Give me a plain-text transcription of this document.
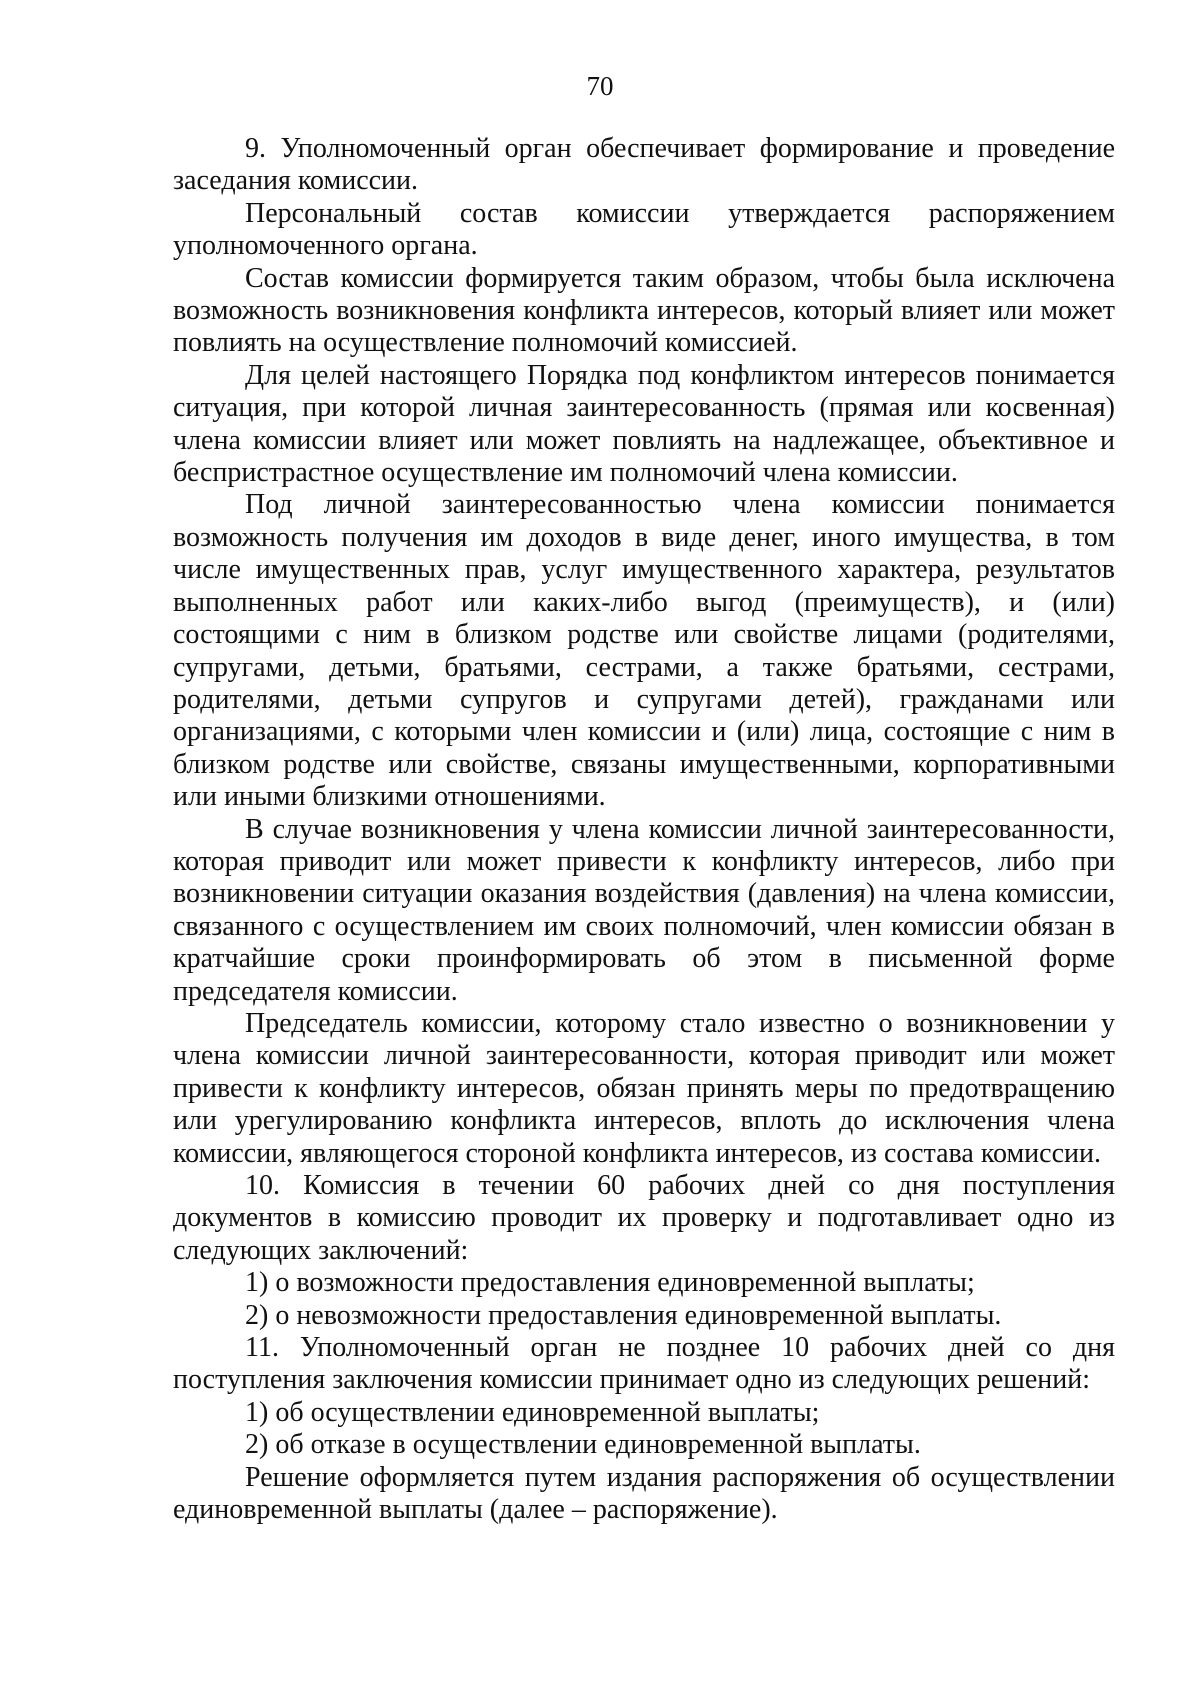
70

9. Уполномоченный орган обеспечивает формирование и проведение заседания комиссии.

Персональный состав комиссии утверждается распоряжением уполномоченного органа.

Состав комиссии формируется таким образом, чтобы была исключена возможность возникновения конфликта интересов, который влияет или может повлиять на осуществление полномочий комиссией.

Для целей настоящего Порядка под конфликтом интересов понимается ситуация, при которой личная заинтересованность (прямая или косвенная) члена комиссии влияет или может повлиять на надлежащее, объективное и беспристрастное осуществление им полномочий члена комиссии.

Под личной заинтересованностью члена комиссии понимается возможность получения им доходов в виде денег, иного имущества, в том числе имущественных прав, услуг имущественного характера, результатов выполненных работ или каких-либо выгод (преимуществ), и (или) состоящими с ним в близком родстве или свойстве лицами (родителями, супругами, детьми, братьями, сестрами, а также братьями, сестрами, родителями, детьми супругов и супругами детей), гражданами или организациями, с которыми член комиссии и (или) лица, состоящие с ним в близком родстве или свойстве, связаны имущественными, корпоративными или иными близкими отношениями.

В случае возникновения у члена комиссии личной заинтересованности, которая приводит или может привести к конфликту интересов, либо при возникновении ситуации оказания воздействия (давления) на члена комиссии, связанного с осуществлением им своих полномочий, член комиссии обязан в кратчайшие сроки проинформировать об этом в письменной форме председателя комиссии.

Председатель комиссии, которому стало известно о возникновении у члена комиссии личной заинтересованности, которая приводит или может привести к конфликту интересов, обязан принять меры по предотвращению или урегулированию конфликта интересов, вплоть до исключения члена комиссии, являющегося стороной конфликта интересов, из состава комиссии.

10. Комиссия в течении 60 рабочих дней со дня поступления документов в комиссию проводит их проверку и подготавливает одно из следующих заключений:

1) о возможности предоставления единовременной выплаты;

2) о невозможности предоставления единовременной выплаты.

11. Уполномоченный орган не позднее 10 рабочих дней со дня поступления заключения комиссии принимает одно из следующих решений:

1) об осуществлении единовременной выплаты;

2) об отказе в осуществлении единовременной выплаты.

Решение оформляется путем издания распоряжения об осуществлении единовременной выплаты (далее – распоряжение).
